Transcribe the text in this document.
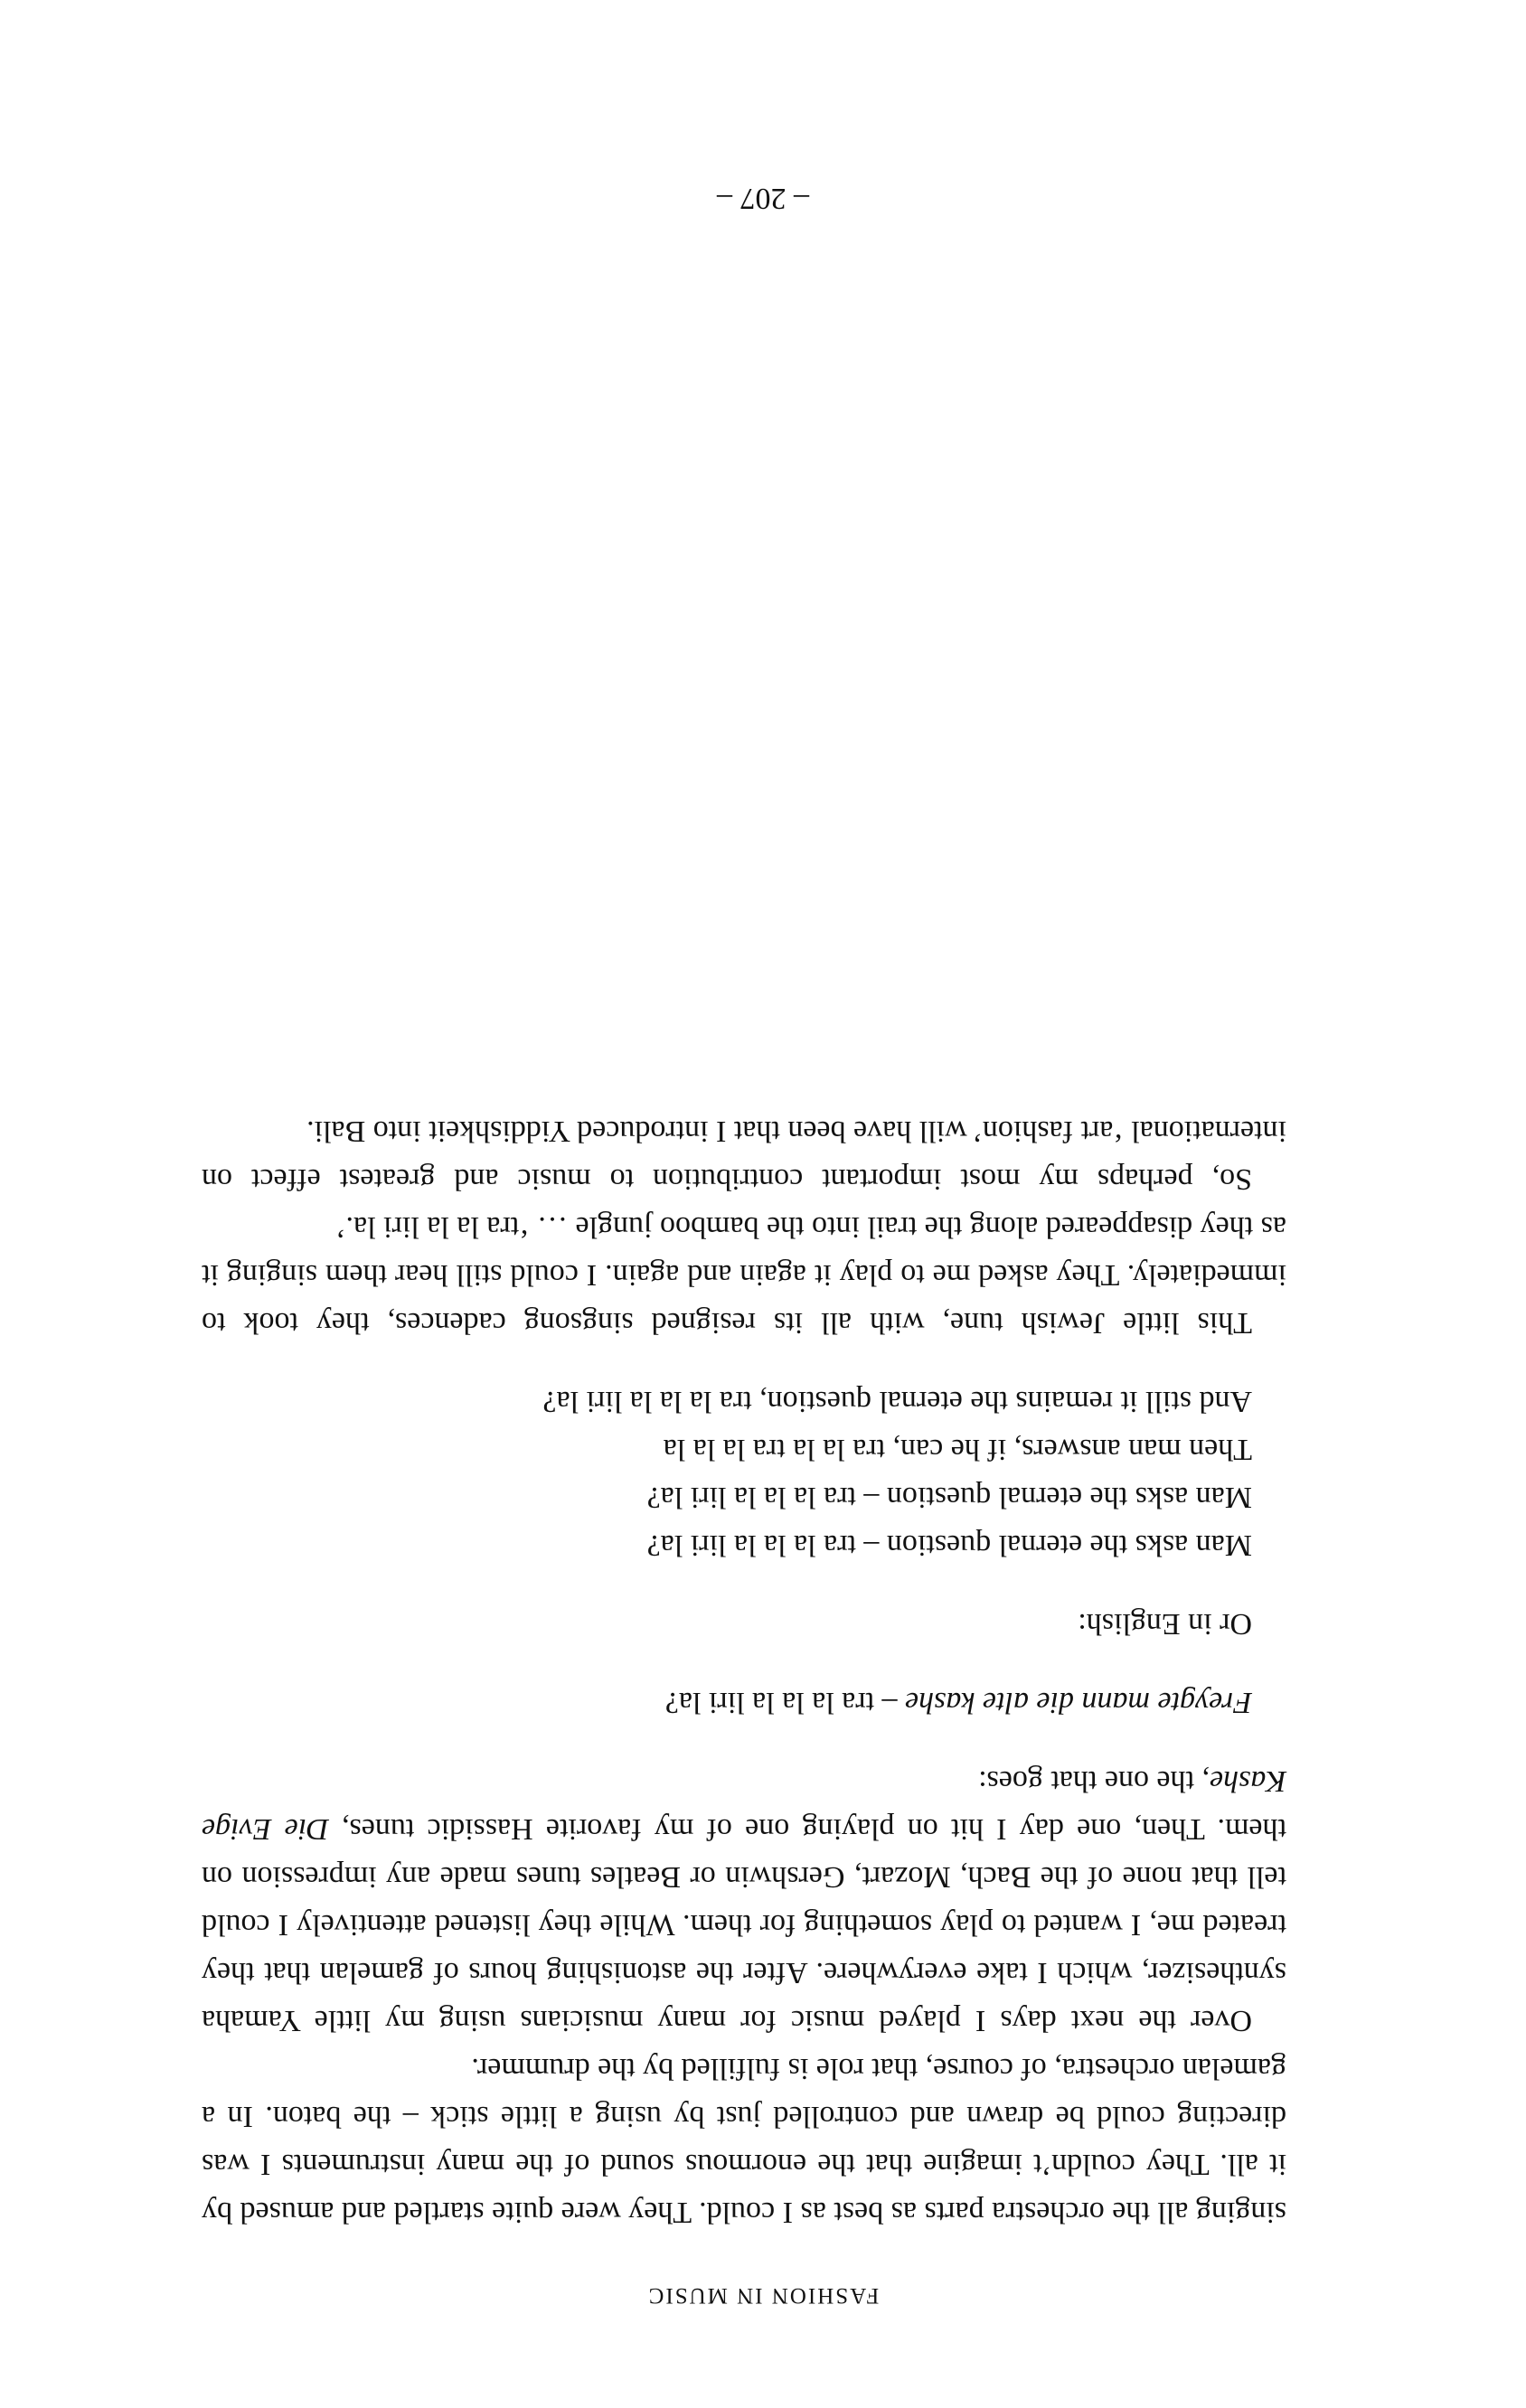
FASHION IN MUSIC

singing all the orchestra parts as best as I could. They were quite startled and amused by it all. They couldn’t imagine that the enormous sound of the many instruments I was directing could be drawn and controlled just by using a little stick – the baton. In a gamelan orchestra, of course, that role is fulfilled by the drummer.

Over the next days I played music for many musicians using my little Yamaha synthesizer, which I take everywhere. After the astonishing hours of gamelan that they treated me, I wanted to play something for them. While they listened attentively I could tell that none of the Bach, Mozart, Gershwin or Beatles tunes made any impression on them. Then, one day I hit on playing one of my favorite Hassidic tunes, Die Evige Kashe, the one that goes:

Freygte mann die alte kashe – tra la la la liri la?

Or in English:

Man asks the eternal question – tra la la la liri la?

Man asks the eternal question – tra la la la liri la?

Then man answers, if he can, tra la la tra la la la

And still it remains the eternal question, tra la la la liri la?

This little Jewish tune, with all its resigned singsong cadences, they took to immediately. They asked me to play it again and again. I could still hear them singing it as they disappeared along the trail into the bamboo jungle … ‘tra la la liri la.’

So, perhaps my most important contribution to music and greatest effect on international ‘art fashion’ will have been that I introduced Yiddishkeit into Bali.

– 207 –
